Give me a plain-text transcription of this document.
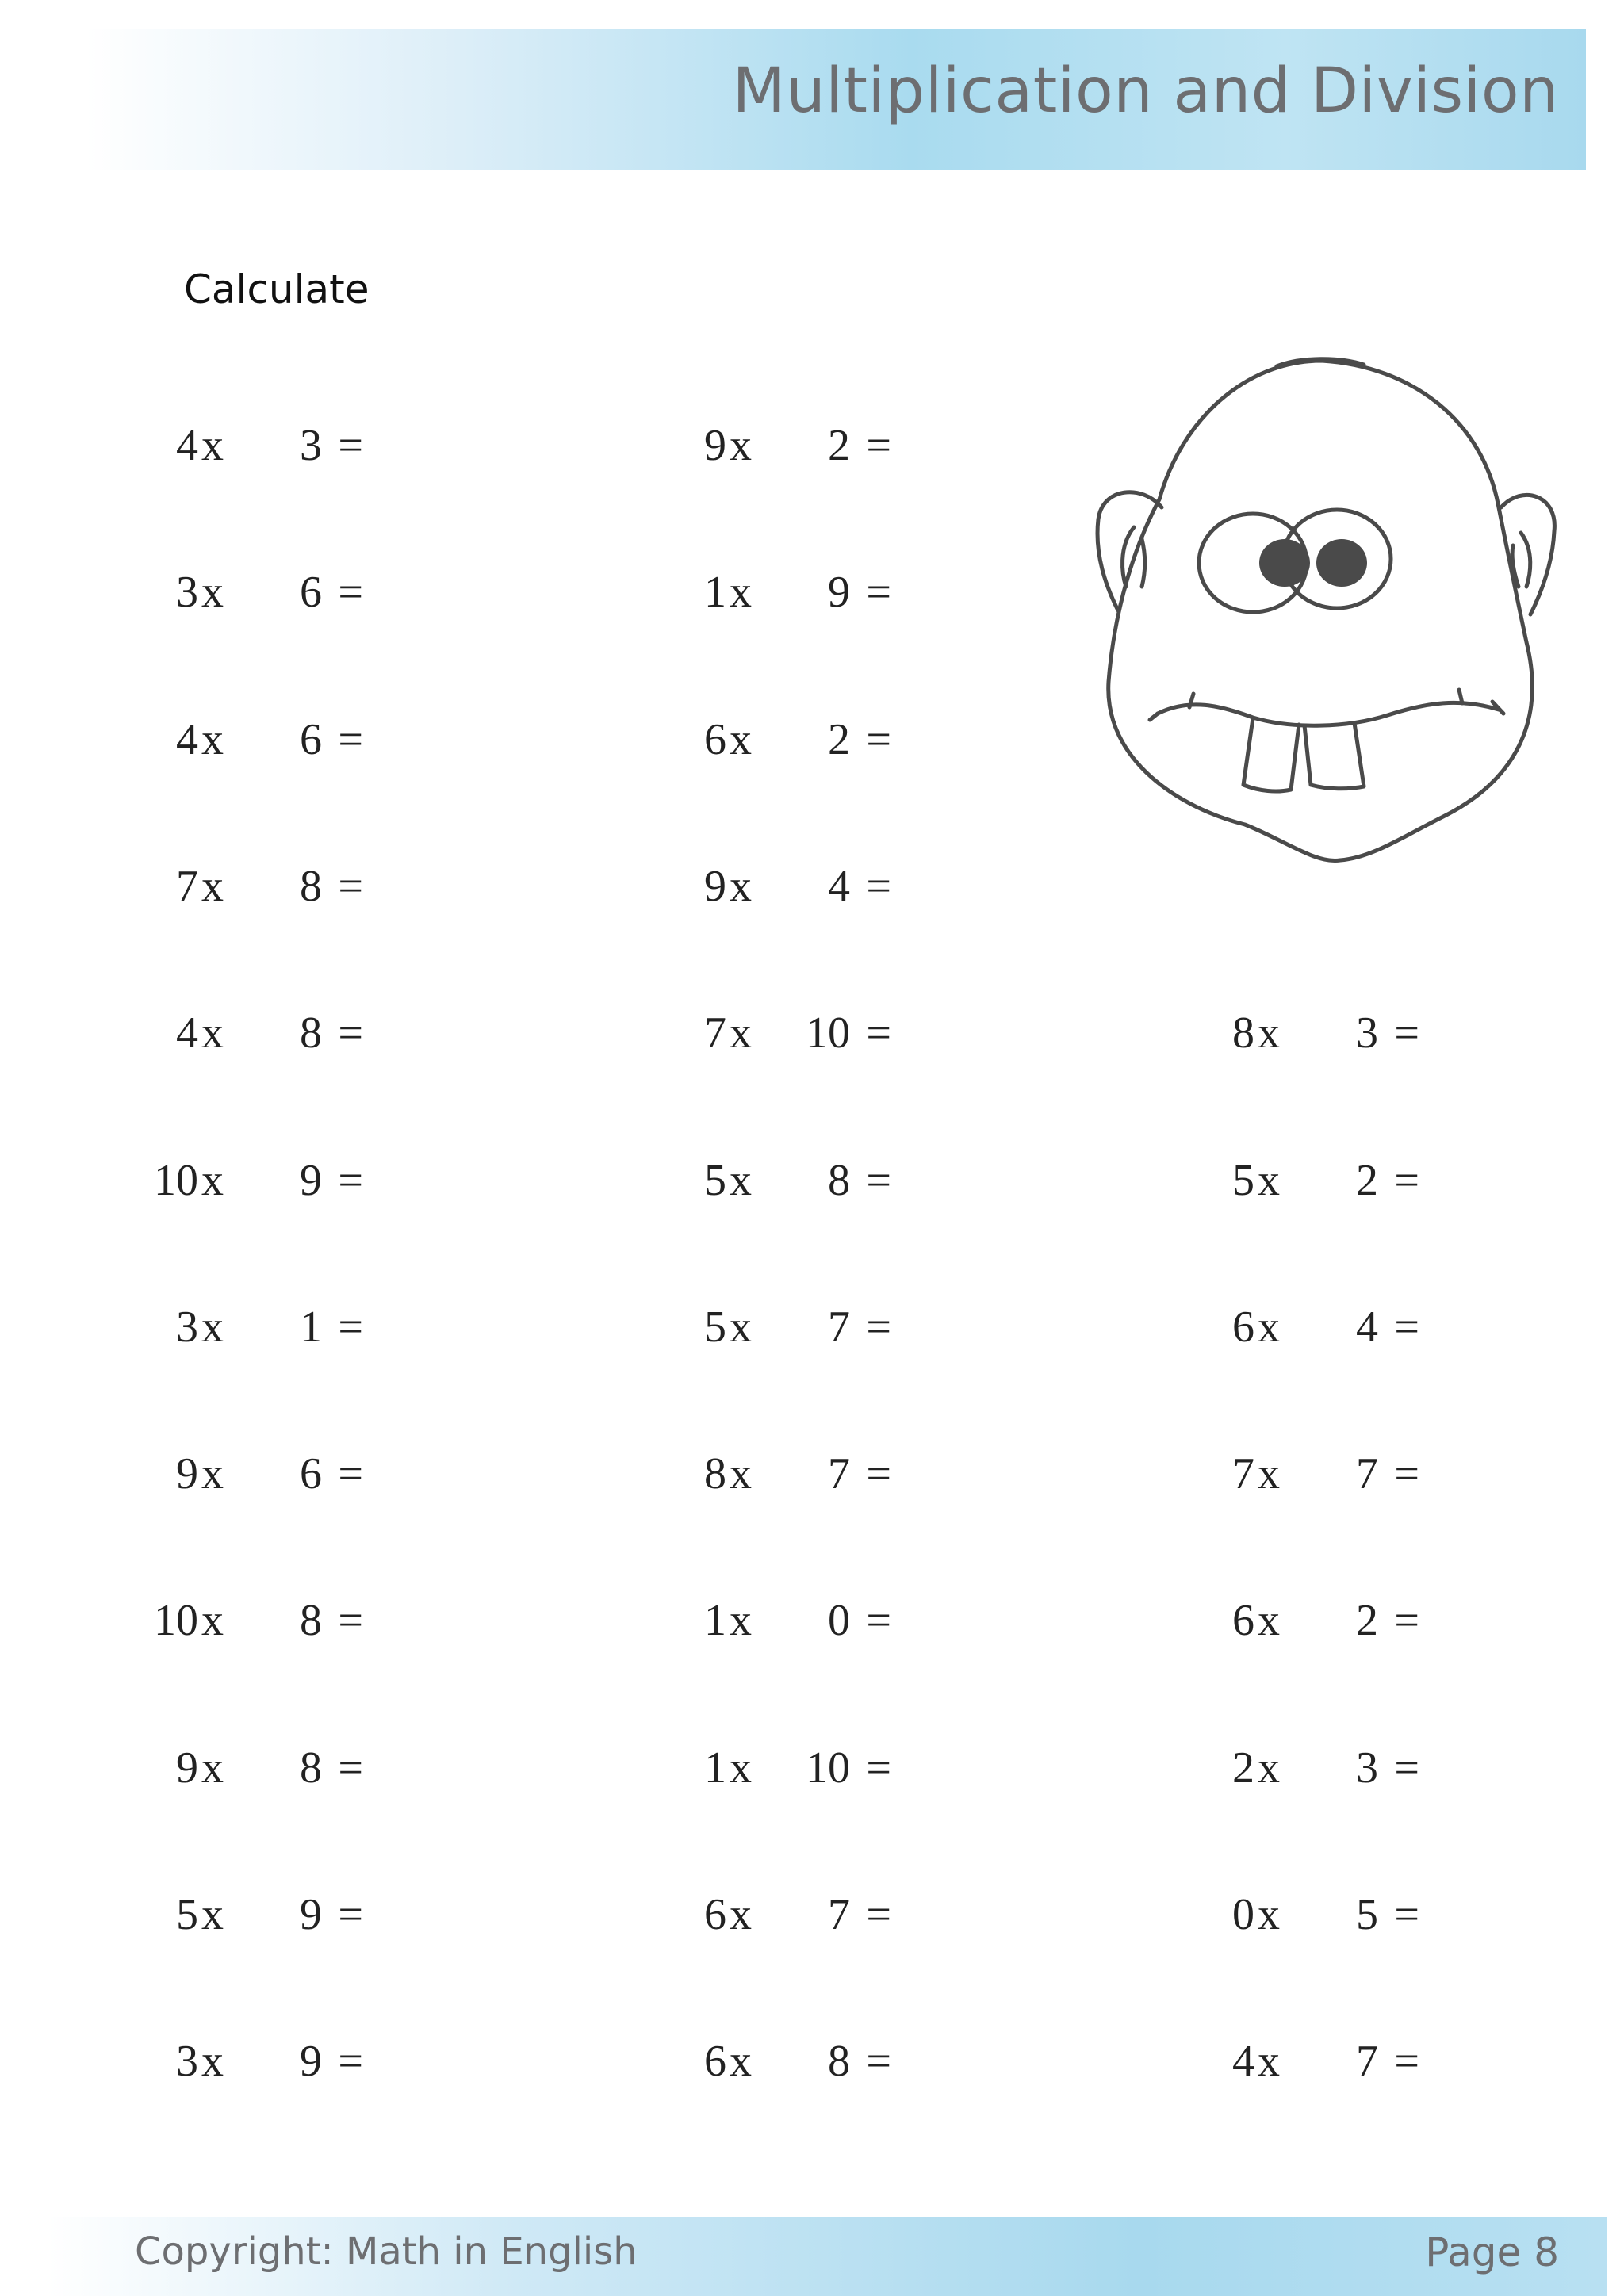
Multiplication and Division
Calculate
4 x 3 =
3 x 6 =
4 x 6 =
7 x 8 =
4 x 8 =
10 x 9 =
3 x 1 =
9 x 6 =
10 x 8 =
9 x 8 =
5 x 9 =
3 x 9 =
9 x 2 =
1 x 9 =
6 x 2 =
9 x 4 =
7 x 10 =
5 x 8 =
5 x 7 =
8 x 7 =
1 x 0 =
1 x 10 =
6 x 7 =
6 x 8 =
8 x 3 =
5 x 2 =
6 x 4 =
7 x 7 =
6 x 2 =
2 x 3 =
0 x 5 =
4 x 7 =
Copyright: Math in English	Page 8
